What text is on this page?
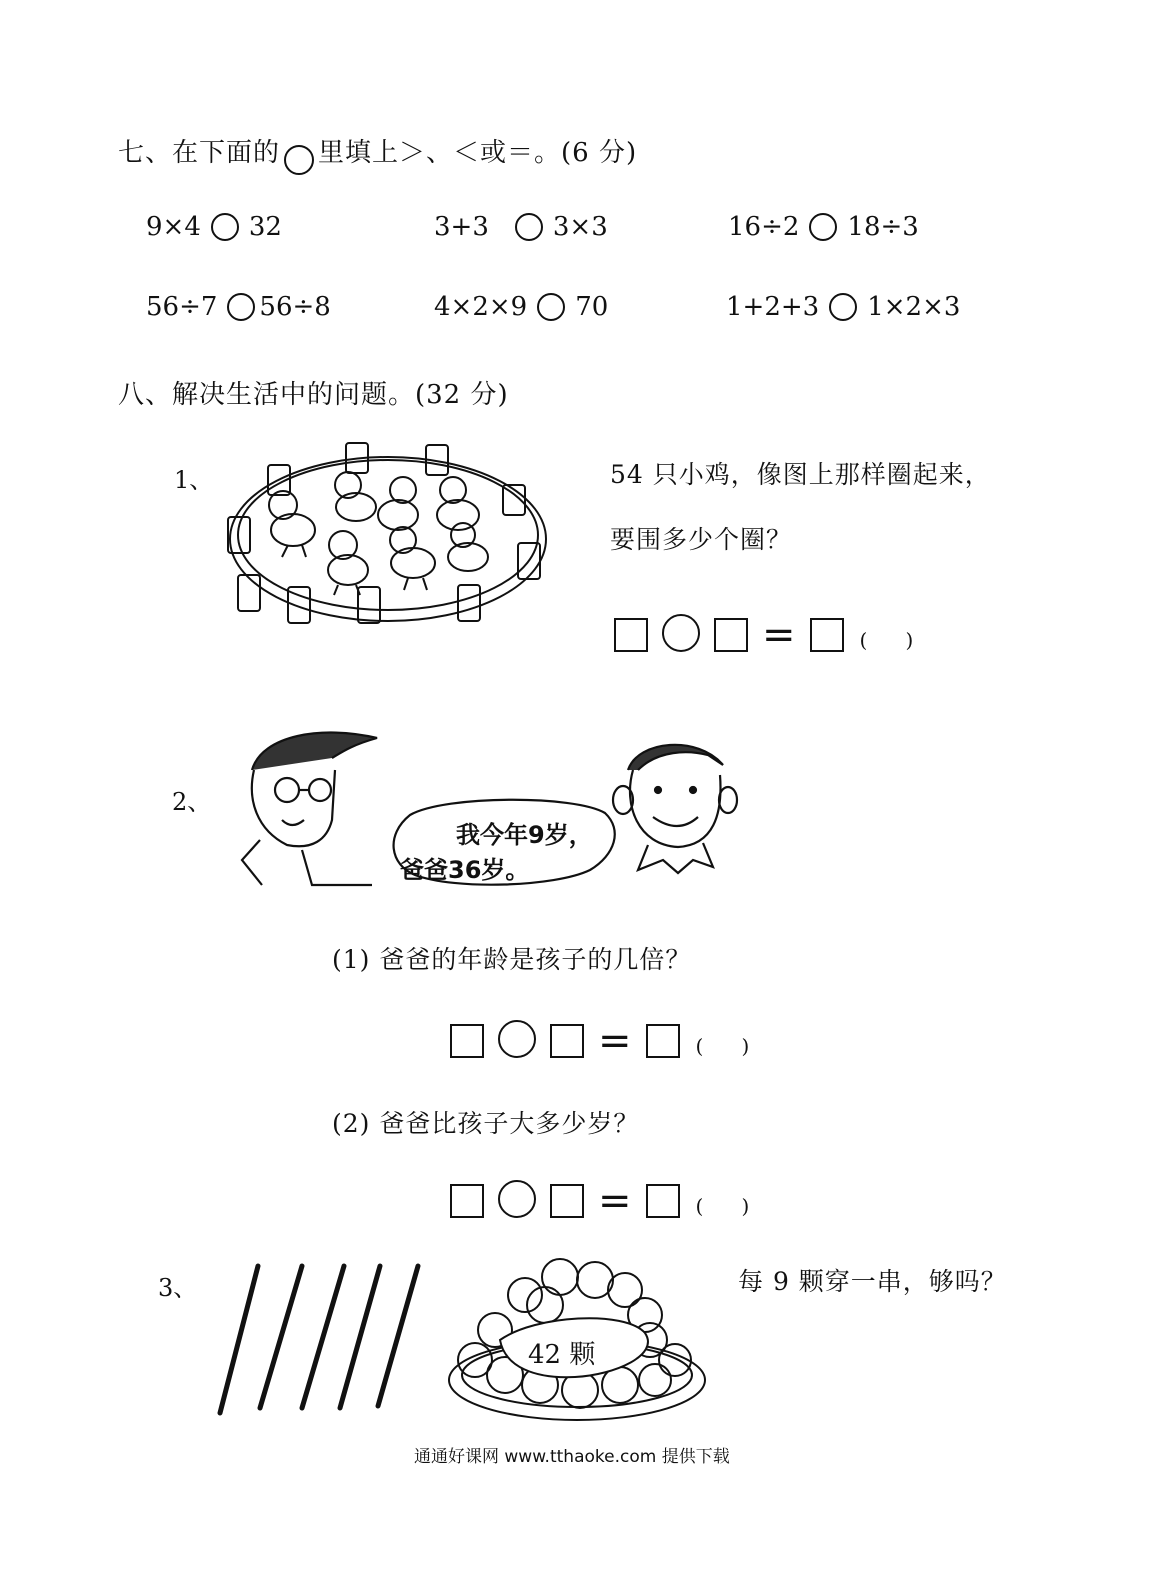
七、在下面的 里填上＞、＜或＝。(6 分)
9×4 32	3+3 3×3	16÷2 18÷3
56÷7 56÷8	4×2×9 70	1+2+3 1×2×3
八、解决生活中的问题。(32 分)
1、	54 只小鸡，像图上那样圈起来，
要围多少个圈？
=	(      )
2、
我今年9岁，
爸爸36岁。
(1) 爸爸的年龄是孩子的几倍？
=	(      )
(2) 爸爸比孩子大多少岁？
=	(      )
3、
42 颗
每 9 颗穿一串，够吗？
通通好课网 www.tthaoke.com 提供下载
